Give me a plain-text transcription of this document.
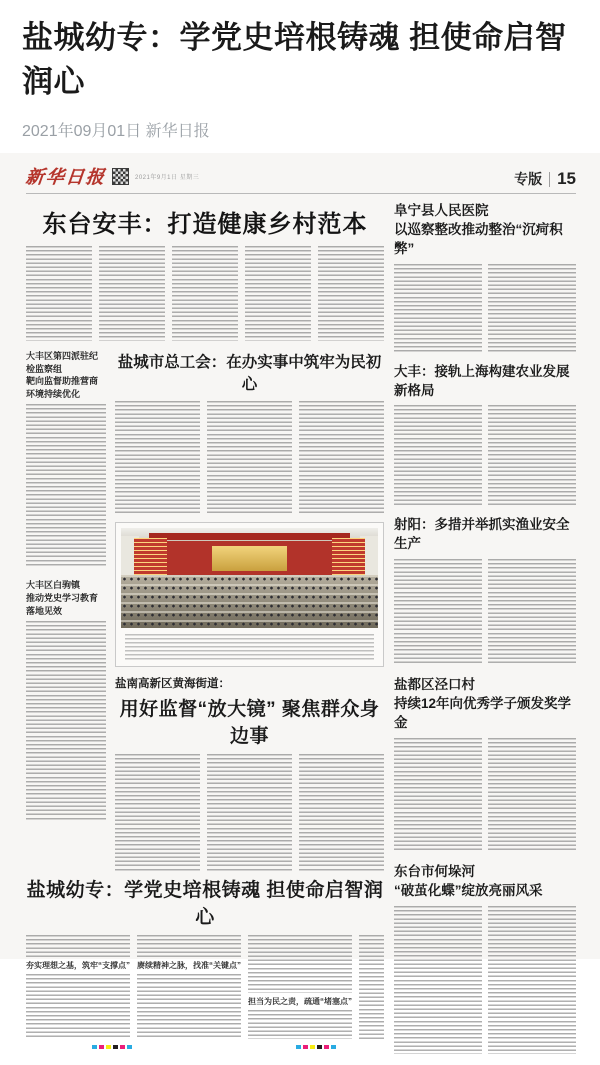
盐城幼专：学党史培根铸魂 担使命启智润心
2021年09月01日 新华日报
新华日报	2021年9月1日 星期三	专版 15
东台安丰：打造健康乡村范本
大丰区第四派驻纪检监察组
靶向监督助推营商环境持续优化
大丰区白驹镇
推动党史学习教育落地见效
盐城市总工会：在办实事中筑牢为民初心
盐南高新区黄海街道：
用好监督“放大镜” 聚焦群众身边事
盐城幼专：学党史培根铸魂 担使命启智润心
夯实理想之基，筑牢“支撑点” 赓续精神之脉，找准“关键点”
担当为民之责，疏通“堵塞点”
阜宁县人民医院
以巡察整改推动整治“沉疴积弊”
大丰：接轨上海构建农业发展新格局
射阳：多措并举抓实渔业安全生产
盐都区泾口村
持续12年向优秀学子颁发奖学金
东台市何垛河
“破茧化蝶”绽放亮丽风采
